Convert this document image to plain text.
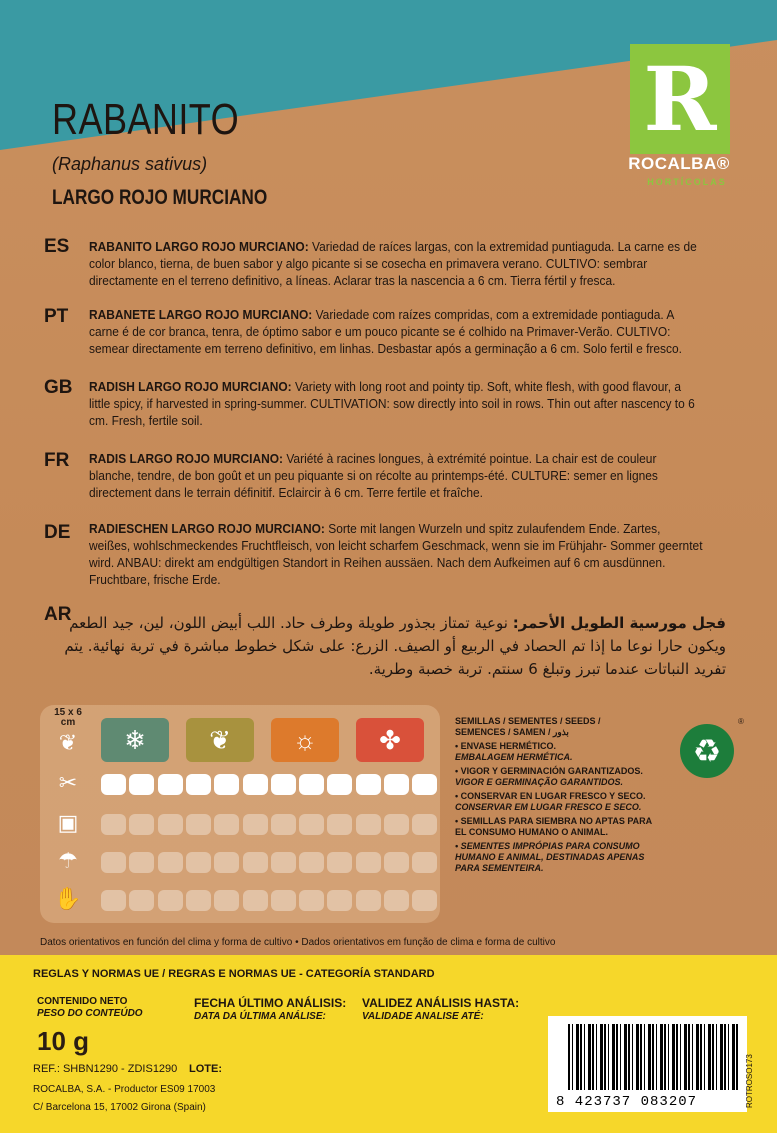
R
ROCALBA®
HORTÍCOLAS
RABANITO
(Raphanus sativus)
LARGO ROJO MURCIANO
ES RABANITO LARGO ROJO MURCIANO: Variedad de raíces largas, con la extremidad puntiaguda. La carne es de color blanco, tierna, de buen sabor y algo picante si se cosecha en primavera verano. CULTIVO: sembrar directamente en el terreno definitivo, a líneas. Aclarar tras la nascencia a 6 cm. Tierra fértil y fresca.
PT RABANETE LARGO ROJO MURCIANO: Variedade com raízes compridas, com a extremidade pontiaguda. A carne é de cor branca, tenra, de óptimo sabor e um pouco picante se é colhido na Primaver-Verão. CULTIVO: semear directamente em terreno definitivo, em linhas. Desbastar após a germinação a 6 cm. Solo fertil e fresco.
GB RADISH LARGO ROJO MURCIANO: Variety with long root and pointy tip. Soft, white flesh, with good flavour, a little spicy, if harvested in spring-summer. CULTIVATION: sow directly into soil in rows. Thin out after nascency to 6 cm. Fresh, fertile soil.
FR RADIS LARGO ROJO MURCIANO: Variété à racines longues, à extrémité pointue. La chair est de couleur blanche, tendre, de bon goût et un peu piquante si on récolte au printemps-été. CULTURE: semer en lignes directement dans le terrain définitif. Eclaircir à 6 cm. Terre fertile et fraîche.
DE RADIESCHEN LARGO ROJO MURCIANO: Sorte mit langen Wurzeln und spitz zulaufendem Ende. Zartes, weißes, wohlschmeckendes Fruchtfleisch, von leicht scharfem Geschmack, wenn sie im Frühjahr- Sommer geerntet wird. ANBAU: direkt am endgültigen Standort in Reihen aussäen. Nach dem Aufkeimen auf 6 cm ausdünnen. Fruchtbare, frische Erde.
AR	فجل مورسية الطويل الأحمر: نوعية تمتاز بجذور طويلة وطرف حاد. اللب أبيض اللون، لين، جيد الطعم ويكون حارا نوعا ما إذا تم الحصاد في الربيع أو الصيف. الزرع: على شكل خطوط مباشرة في تربة نهائية. يتم تفريد النباتات عندما تبرز وتبلغ 6 سنتم. تربة خصبة وطرية.
15 x 6 cm
❦	❄	❦	☼	✤
✂
▣
☂
✋

SEMILLAS / SEMENTES / SEEDS /
SEMENCES / SAMEN / بذور

• ENVASE HERMÉTICO.
EMBALAGEM HERMÉTICA.

• VIGOR Y GERMINACIÓN GARANTIZADOS.
VIGOR E GERMINAÇÃO GARANTIDOS.

• CONSERVAR EN LUGAR FRESCO Y SECO.
CONSERVAR EM LUGAR FRESCO E SECO.

• SEMILLAS PARA SIEMBRA NO APTAS PARA EL CONSUMO HUMANO O ANIMAL.

• SEMENTES IMPRÓPIAS PARA CONSUMO HUMANO E ANIMAL, DESTINADAS APENAS PARA SEMENTEIRA.

♻
®
Datos orientativos en función del clima y forma de cultivo • Dados orientativos em função de clima e forma de cultivo
REGLAS Y NORMAS UE / REGRAS E NORMAS UE - CATEGORÍA STANDARD
CONTENIDO NETO
PESO DO CONTEÚDO
10 g
FECHA ÚLTIMO ANÁLISIS:
DATA DA ÚLTIMA ANÁLISE:
VALIDEZ ANÁLISIS HASTA:
VALIDADE ANALISE ATÉ:
REF.: SHBN1290 - ZDIS1290 LOTE:
ROCALBA, S.A. - Productor ES09 17003
C/ Barcelona 15, 17002 Girona (Spain)	8 423737 083207	ROTROSO173
